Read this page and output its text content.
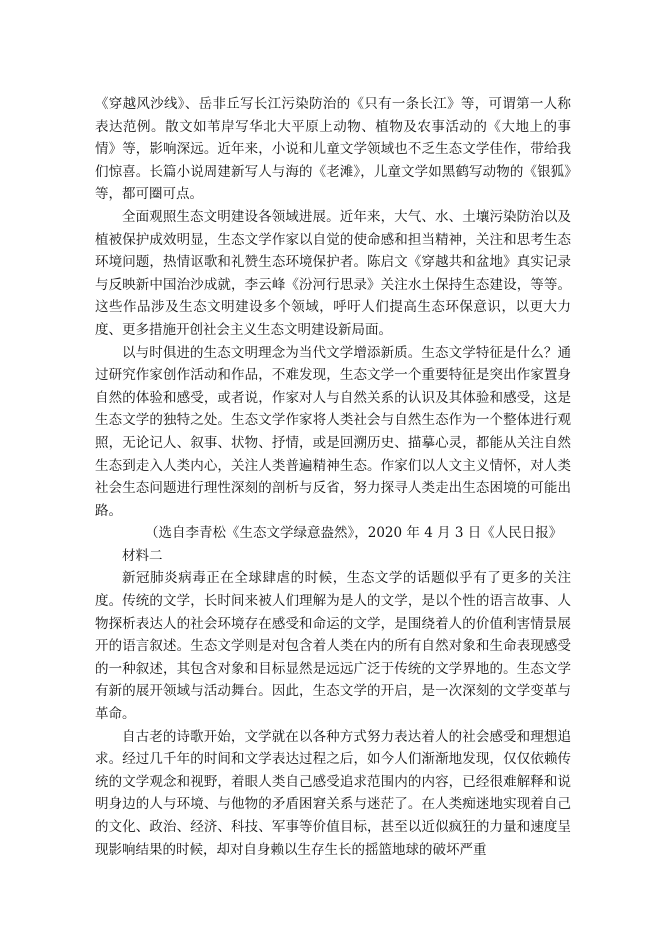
《穿越风沙线》、岳非丘写长江污染防治的《只有一条长江》等，可谓第一人称表达范例。散文如苇岸写华北大平原上动物、植物及农事活动的《大地上的事情》等，影响深远。近年来，小说和儿童文学领域也不乏生态文学佳作，带给我们惊喜。长篇小说周建新写人与海的《老滩》，儿童文学如黑鹤写动物的《银狐》等，都可圈可点。

全面观照生态文明建设各领域进展。近年来，大气、水、土壤污染防治以及植被保护成效明显，生态文学作家以自觉的使命感和担当精神，关注和思考生态环境问题，热情讴歌和礼赞生态环境保护者。陈启文《穿越共和盆地》真实记录与反映新中国治沙成就，李云峰《汾河行思录》关注水土保持生态建设，等等。这些作品涉及生态文明建设多个领域，呼吁人们提高生态环保意识，以更大力度、更多措施开创社会主义生态文明建设新局面。

以与时俱进的生态文明理念为当代文学增添新质。生态文学特征是什么？通过研究作家创作活动和作品，不难发现，生态文学一个重要特征是突出作家置身自然的体验和感受，或者说，作家对人与自然关系的认识及其体验和感受，这是生态文学的独特之处。生态文学作家将人类社会与自然生态作为一个整体进行观照，无论记人、叙事、状物、抒情，或是回溯历史、描摹心灵，都能从关注自然生态到走入人类内心，关注人类普遍精神生态。作家们以人文主义情怀，对人类社会生态问题进行理性深刻的剖析与反省，努力探寻人类走出生态困境的可能出路。

（选自李青松《生态文学绿意盎然》，2020 年 4 月 3 日《人民日报》

材料二

新冠肺炎病毒正在全球肆虐的时候，生态文学的话题似乎有了更多的关注度。传统的文学，长时间来被人们理解为是人的文学，是以个性的语言故事、人物探析表达人的社会环境存在感受和命运的文学，是围绕着人的价值利害情景展开的语言叙述。生态文学则是对包含着人类在内的所有自然对象和生命表现感受的一种叙述，其包含对象和目标显然是远远广泛于传统的文学界地的。生态文学有新的展开领域与活动舞台。因此，生态文学的开启，是一次深刻的文学变革与革命。

自古老的诗歌开始，文学就在以各种方式努力表达着人的社会感受和理想追求。经过几千年的时间和文学表达过程之后，如今人们渐渐地发现，仅仅依赖传统的文学观念和视野，着眼人类自己感受追求范围内的内容，已经很难解释和说明身边的人与环境、与他物的矛盾困窘关系与迷茫了。在人类痴迷地实现着自己的文化、政治、经济、科技、军事等价值目标，甚至以近似疯狂的力量和速度呈现影响结果的时候，却对自身赖以生存生长的摇篮地球的破坏严重
